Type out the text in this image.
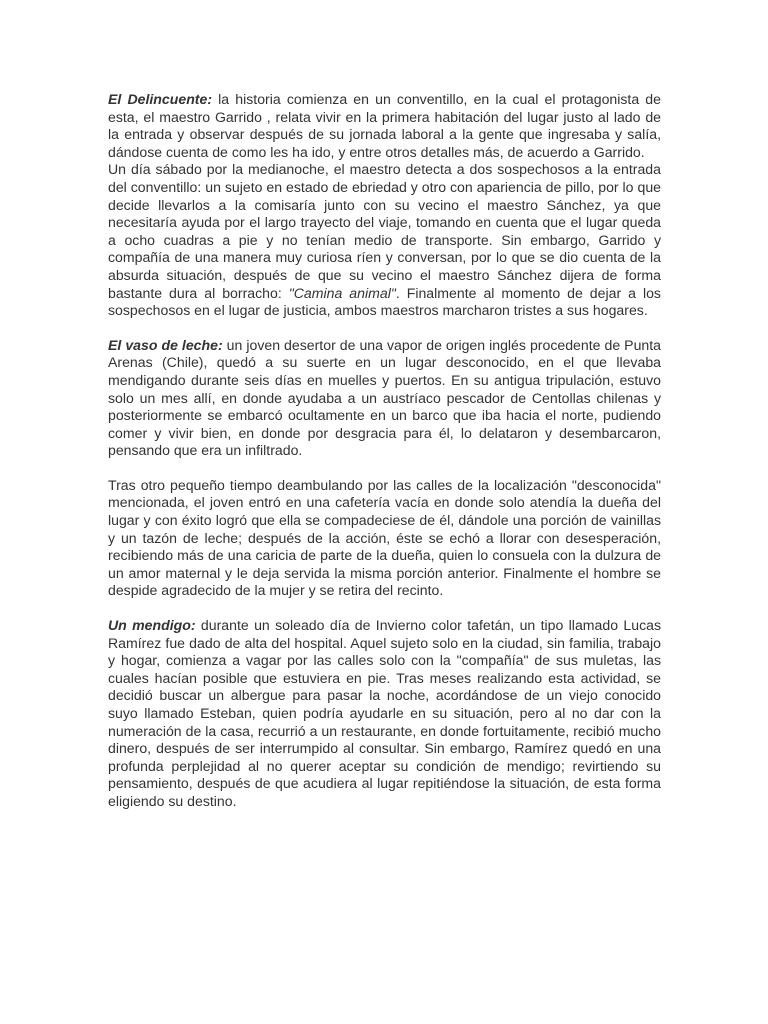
El Delincuente: la historia comienza en un conventillo, en la cual el protagonista de esta, el maestro Garrido , relata vivir en la primera habitación del lugar justo al lado de la entrada y observar después de su jornada laboral a la gente que ingresaba y salía, dándose cuenta de como les ha ido, y entre otros detalles más, de acuerdo a Garrido.

Un día sábado por la medianoche, el maestro detecta a dos sospechosos a la entrada del conventillo: un sujeto en estado de ebriedad y otro con apariencia de pillo, por lo que decide llevarlos a la comisaría junto con su vecino el maestro Sánchez, ya que necesitaría ayuda por el largo trayecto del viaje, tomando en cuenta que el lugar queda a ocho cuadras a pie y no tenían medio de transporte. Sin embargo, Garrido y compañía de una manera muy curiosa ríen y conversan, por lo que se dio cuenta de la absurda situación, después de que su vecino el maestro Sánchez dijera de forma bastante dura al borracho: "Camina animal". Finalmente al momento de dejar a los sospechosos en el lugar de justicia, ambos maestros marcharon tristes a sus hogares.

El vaso de leche: un joven desertor de una vapor de origen inglés procedente de Punta Arenas (Chile), quedó a su suerte en un lugar desconocido, en el que llevaba mendigando durante seis días en muelles y puertos. En su antigua tripulación, estuvo solo un mes allí, en donde ayudaba a un austríaco pescador de Centollas chilenas y posteriormente se embarcó ocultamente en un barco que iba hacia el norte, pudiendo comer y vivir bien, en donde por desgracia para él, lo delataron y desembarcaron, pensando que era un infiltrado.

Tras otro pequeño tiempo deambulando por las calles de la localización "desconocida" mencionada, el joven entró en una cafetería vacía en donde solo atendía la dueña del lugar y con éxito logró que ella se compadeciese de él, dándole una porción de vainillas y un tazón de leche; después de la acción, éste se echó a llorar con desesperación, recibiendo más de una caricia de parte de la dueña, quien lo consuela con la dulzura de un amor maternal y le deja servida la misma porción anterior. Finalmente el hombre se despide agradecido de la mujer y se retira del recinto.

Un mendigo: durante un soleado día de Invierno color tafetán, un tipo llamado Lucas Ramírez fue dado de alta del hospital. Aquel sujeto solo en la ciudad, sin familia, trabajo y hogar, comienza a vagar por las calles solo con la "compañía" de sus muletas, las cuales hacían posible que estuviera en pie. Tras meses realizando esta actividad, se decidió buscar un albergue para pasar la noche, acordándose de un viejo conocido suyo llamado Esteban, quien podría ayudarle en su situación, pero al no dar con la numeración de la casa, recurrió a un restaurante, en donde fortuitamente, recibió mucho dinero, después de ser interrumpido al consultar. Sin embargo, Ramírez quedó en una profunda perplejidad al no querer aceptar su condición de mendigo; revirtiendo su pensamiento, después de que acudiera al lugar repitiéndose la situación, de esta forma eligiendo su destino.
